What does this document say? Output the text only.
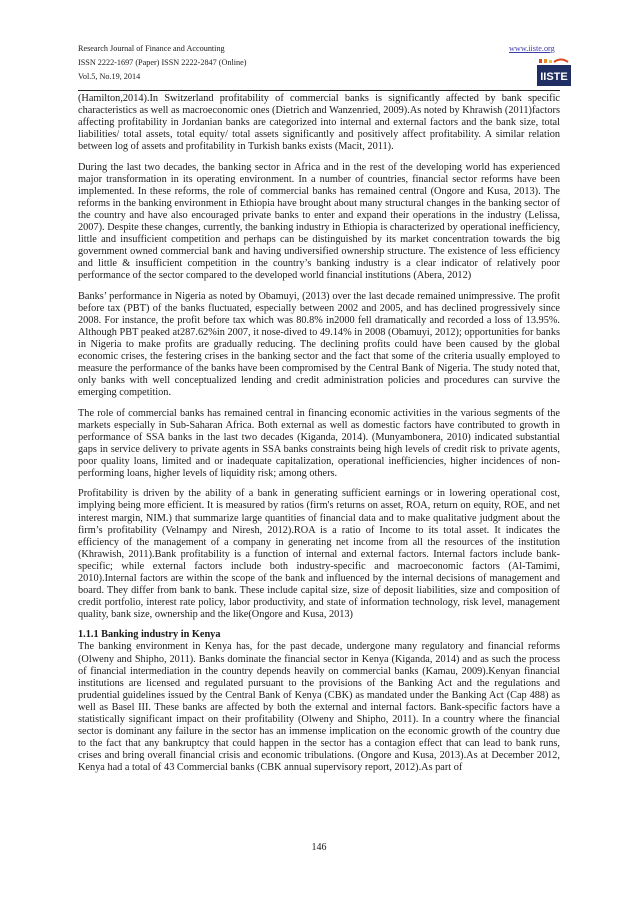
Research Journal of Finance and Accounting
ISSN 2222-1697 (Paper) ISSN 2222-2847 (Online)
Vol.5, No.19, 2014
www.iiste.org
IISTE

(Hamilton,2014).In Switzerland profitability of commercial banks is significantly affected by bank specific characteristics as well as macroeconomic ones (Dietrich and Wanzenried, 2009).As noted by Khrawish (2011)factors affecting profitability in Jordanian banks are categorized into internal and external factors and the bank size, total liabilities/ total assets, total equity/ total assets significantly and positively affect profitability. A similar relation between log of assets and profitability in Turkish banks exists (Macit, 2011).

During the last two decades, the banking sector in Africa and in the rest of the developing world has experienced major transformation in its operating environment. In a number of countries, financial sector reforms have been implemented. In these reforms, the role of commercial banks has remained central (Ongore and Kusa, 2013). The reforms in the banking environment in Ethiopia have brought about many structural changes in the banking sector of the country and have also encouraged private banks to enter and expand their operations in the industry (Lelissa, 2007). Despite these changes, currently, the banking industry in Ethiopia is characterized by operational inefficiency, little and insufficient competition and perhaps can be distinguished by its market concentration towards the big government owned commercial bank and having undiversified ownership structure. The existence of less efficiency and little & insufficient competition in the country’s banking industry is a clear indicator of relatively poor performance of the sector compared to the developed world financial institutions (Abera, 2012)

Banks’ performance in Nigeria as noted by Obamuyi, (2013) over the last decade remained unimpressive. The profit before tax (PBT) of the banks fluctuated, especially between 2002 and 2005, and has declined progressively since 2008. For instance, the profit before tax which was 80.8% in2000 fell dramatically and recorded a loss of 13.95%. Although PBT peaked at287.62%in 2007, it nose-dived to 49.14% in 2008 (Obamuyi, 2012); opportunities for banks in Nigeria to make profits are gradually reducing. The declining profits could have been caused by the global economic crises, the festering crises in the banking sector and the fact that some of the criteria usually employed to measure the performance of the banks have been compromised by the Central Bank of Nigeria. The study noted that, only banks with well conceptualized lending and credit administration policies and procedures can survive the emerging competition.

The role of commercial banks has remained central in financing economic activities in the various segments of the markets especially in Sub-Saharan Africa. Both external as well as domestic factors have contributed to growth in performance of SSA banks in the last two decades (Kiganda, 2014). (Munyambonera, 2010) indicated substantial gaps in service delivery to private agents in SSA banks constraints being high levels of credit risk to private agents, poor quality loans, limited and or inadequate capitalization, operational inefficiencies, higher incidences of non-performing loans, higher levels of liquidity risk; among others.

Profitability is driven by the ability of a bank in generating sufficient earnings or in lowering operational cost, implying being more efficient. It is measured by ratios (firm's returns on asset, ROA, return on equity, ROE, and net interest margin, NIM.) that summarize large quantities of financial data and to make qualitative judgment about the firm’s profitability (Velnampy and Niresh, 2012).ROA is a ratio of Income to its total asset. It indicates the efficiency of the management of a company in generating net income from all the resources of the institution (Khrawish, 2011).Bank profitability is a function of internal and external factors. Internal factors include bank-specific; while external factors include both industry-specific and macroeconomic factors (Al-Tamimi, 2010).Internal factors are within the scope of the bank and influenced by the internal decisions of management and board. They differ from bank to bank. These include capital size, size of deposit liabilities, size and composition of credit portfolio, interest rate policy, labor productivity, and state of information technology, risk level, management quality, bank size, ownership and the like(Ongore and Kusa, 2013)

1.1.1 Banking industry in Kenya

The banking environment in Kenya has, for the past decade, undergone many regulatory and financial reforms (Olweny and Shipho, 2011). Banks dominate the financial sector in Kenya (Kiganda, 2014) and as such the process of financial intermediation in the country depends heavily on commercial banks (Kamau, 2009).Kenyan financial institutions are licensed and regulated pursuant to the provisions of the Banking Act and the regulations and prudential guidelines issued by the Central Bank of Kenya (CBK) as mandated under the Banking Act (Cap 488) as well as Basel III. These banks are affected by both the external and internal factors. Bank-specific factors have a statistically significant impact on their profitability (Olweny and Shipho, 2011). In a country where the financial sector is dominant any failure in the sector has an immense implication on the economic growth of the country due to the fact that any bankruptcy that could happen in the sector has a contagion effect that can lead to bank runs, crises and bring overall financial crisis and economic tribulations. (Ongore and Kusa, 2013).As at December 2012, Kenya had a total of 43 Commercial banks (CBK annual supervisory report, 2012).As part of

146
